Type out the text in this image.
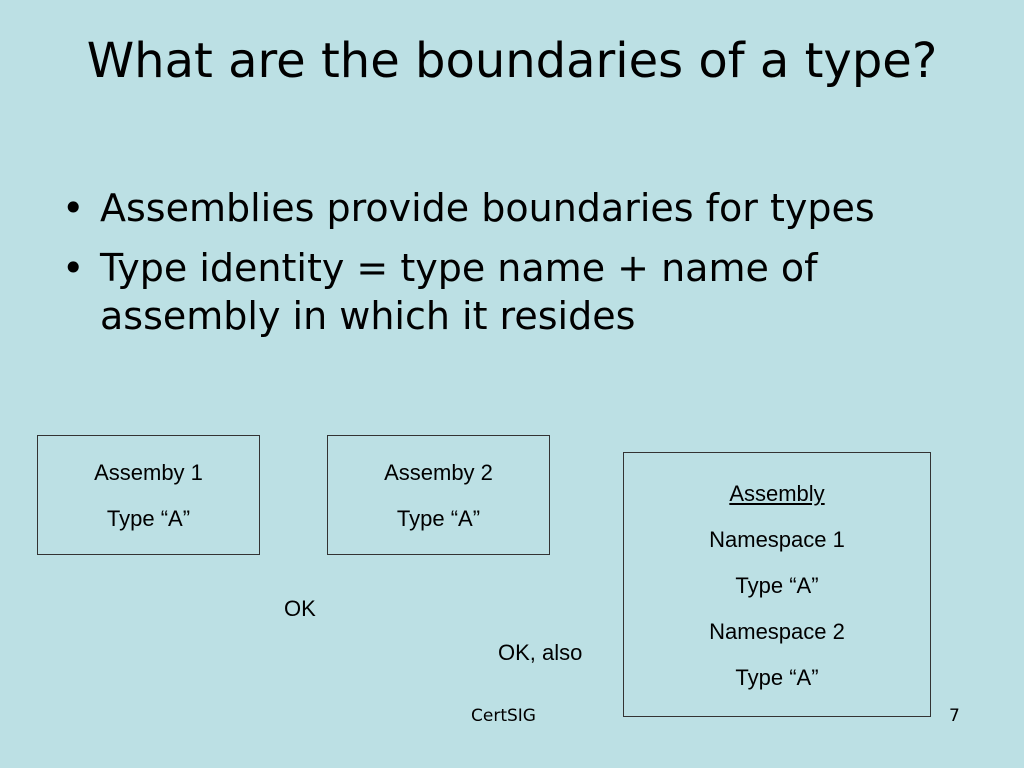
What are the boundaries of a type?
• Assemblies provide boundaries for types
• Type identity = type name + name of assembly in which it resides
Assemby 1
Type “A”
Assemby 2
Type “A”
Assembly
Namespace 1
Type “A”
Namespace 2
Type “A”
OK
OK, also
CertSIG	7
